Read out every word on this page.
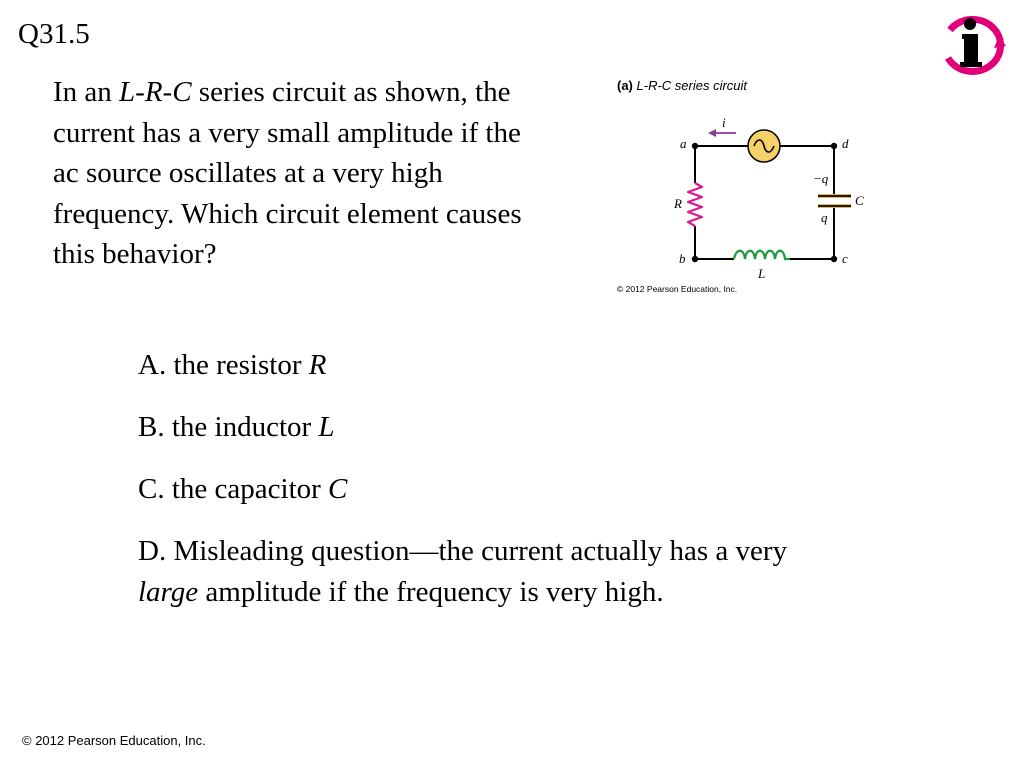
Q31.5
In an L-R-C series circuit as shown, the current has a very small amplitude if the ac source oscillates at a very high frequency. Which circuit element causes this behavior?
(a) L-R-C series circuit
a	d
b	c
i
R
L
C
−q
q
© 2012 Pearson Education, Inc.
A. the resistor R
B. the inductor L
C. the capacitor C
D. Misleading question—the current actually has a very
large amplitude if the frequency is very high.
© 2012 Pearson Education, Inc.
